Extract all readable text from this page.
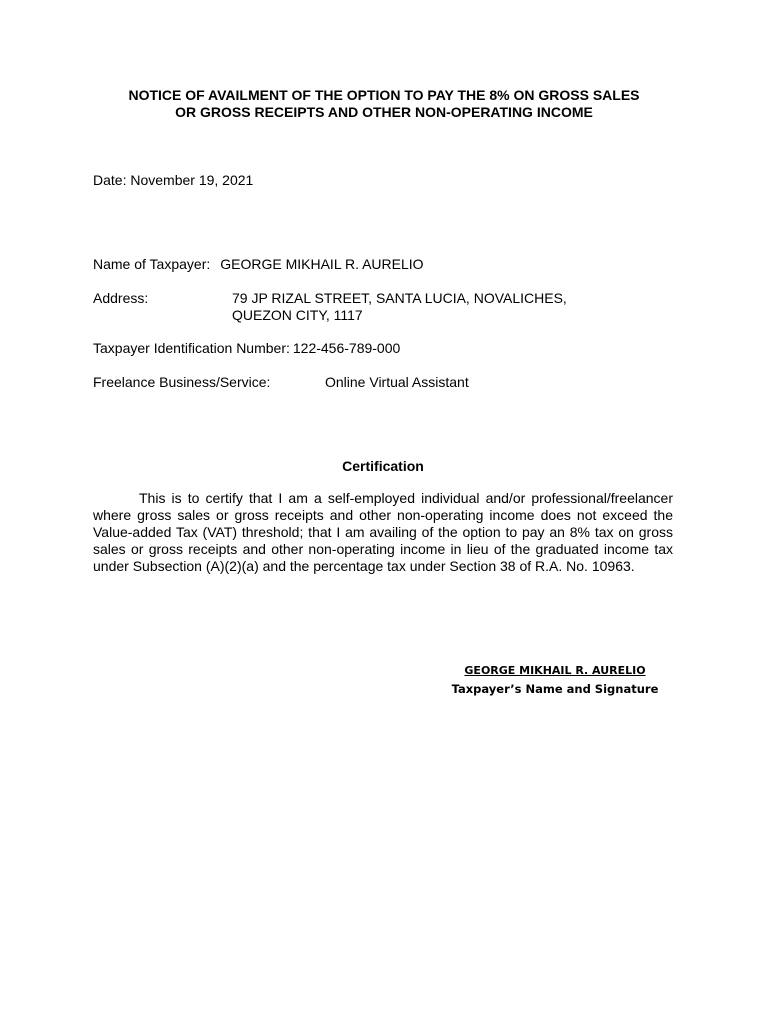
NOTICE OF AVAILMENT OF THE OPTION TO PAY THE 8% ON GROSS SALES
OR GROSS RECEIPTS AND OTHER NON-OPERATING INCOME
Date: November 19, 2021
Name of Taxpayer: GEORGE MIKHAIL R. AURELIO
Address:	79 JP RIZAL STREET, SANTA LUCIA, NOVALICHES,
QUEZON CITY, 1117
Taxpayer Identification Number: 122-456-789-000
Freelance Business/Service:	Online Virtual Assistant
Certification

This is to certify that I am a self-employed individual and/or professional/freelancer where gross sales or gross receipts and other non-operating income does not exceed the Value-added Tax (VAT) threshold; that I am availing of the option to pay an 8% tax on gross sales or gross receipts and other non-operating income in lieu of the graduated income tax under Subsection (A)(2)(a) and the percentage tax under Section 38 of R.A. No. 10963.

GEORGE MIKHAIL R. AURELIO
Taxpayer’s Name and Signature
